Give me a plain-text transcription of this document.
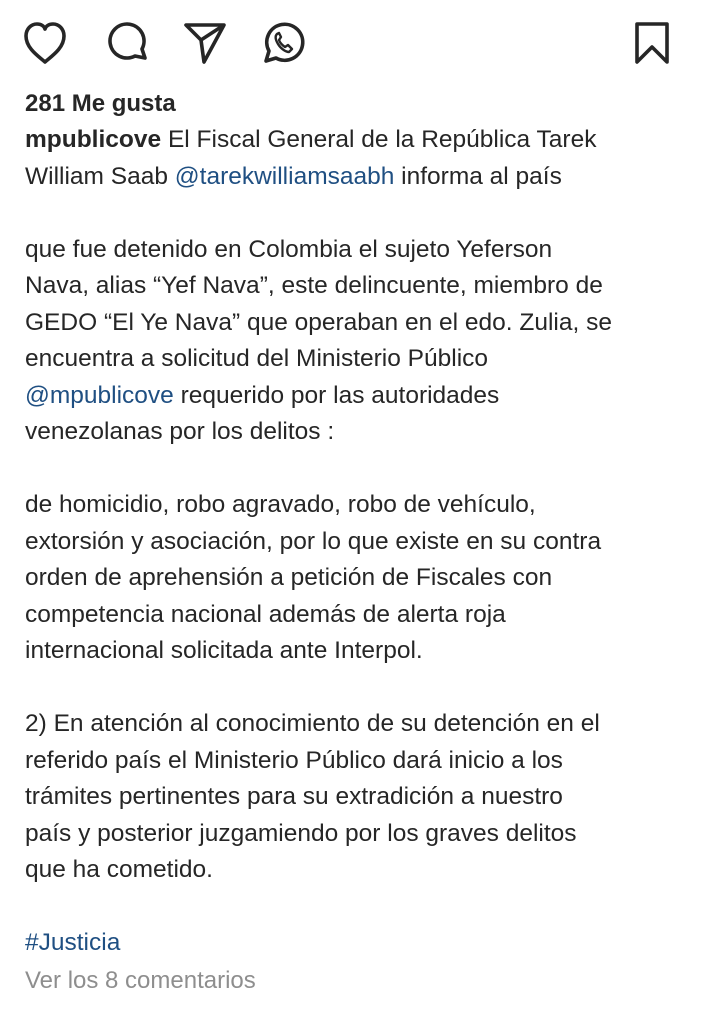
281 Me gusta
mpublicove El Fiscal General de la República Tarek
William Saab @tarekwilliamsaabh informa al país
que fue detenido en Colombia el sujeto Yeferson
Nava, alias “Yef Nava”, este delincuente, miembro de
GEDO “El Ye Nava” que operaban en el edo. Zulia, se
encuentra a solicitud del Ministerio Público
@mpublicove requerido por las autoridades
venezolanas por los delitos :
de homicidio, robo agravado, robo de vehículo,
extorsión y asociación, por lo que existe en su contra
orden de aprehensión a petición de Fiscales con
competencia nacional además de alerta roja
internacional solicitada ante Interpol.
2) En atención al conocimiento de su detención en el
referido país el Ministerio Público dará inicio a los
trámites pertinentes para su extradición a nuestro
país y posterior juzgamiendo por los graves delitos
que ha cometido.
#Justicia
Ver los 8 comentarios
